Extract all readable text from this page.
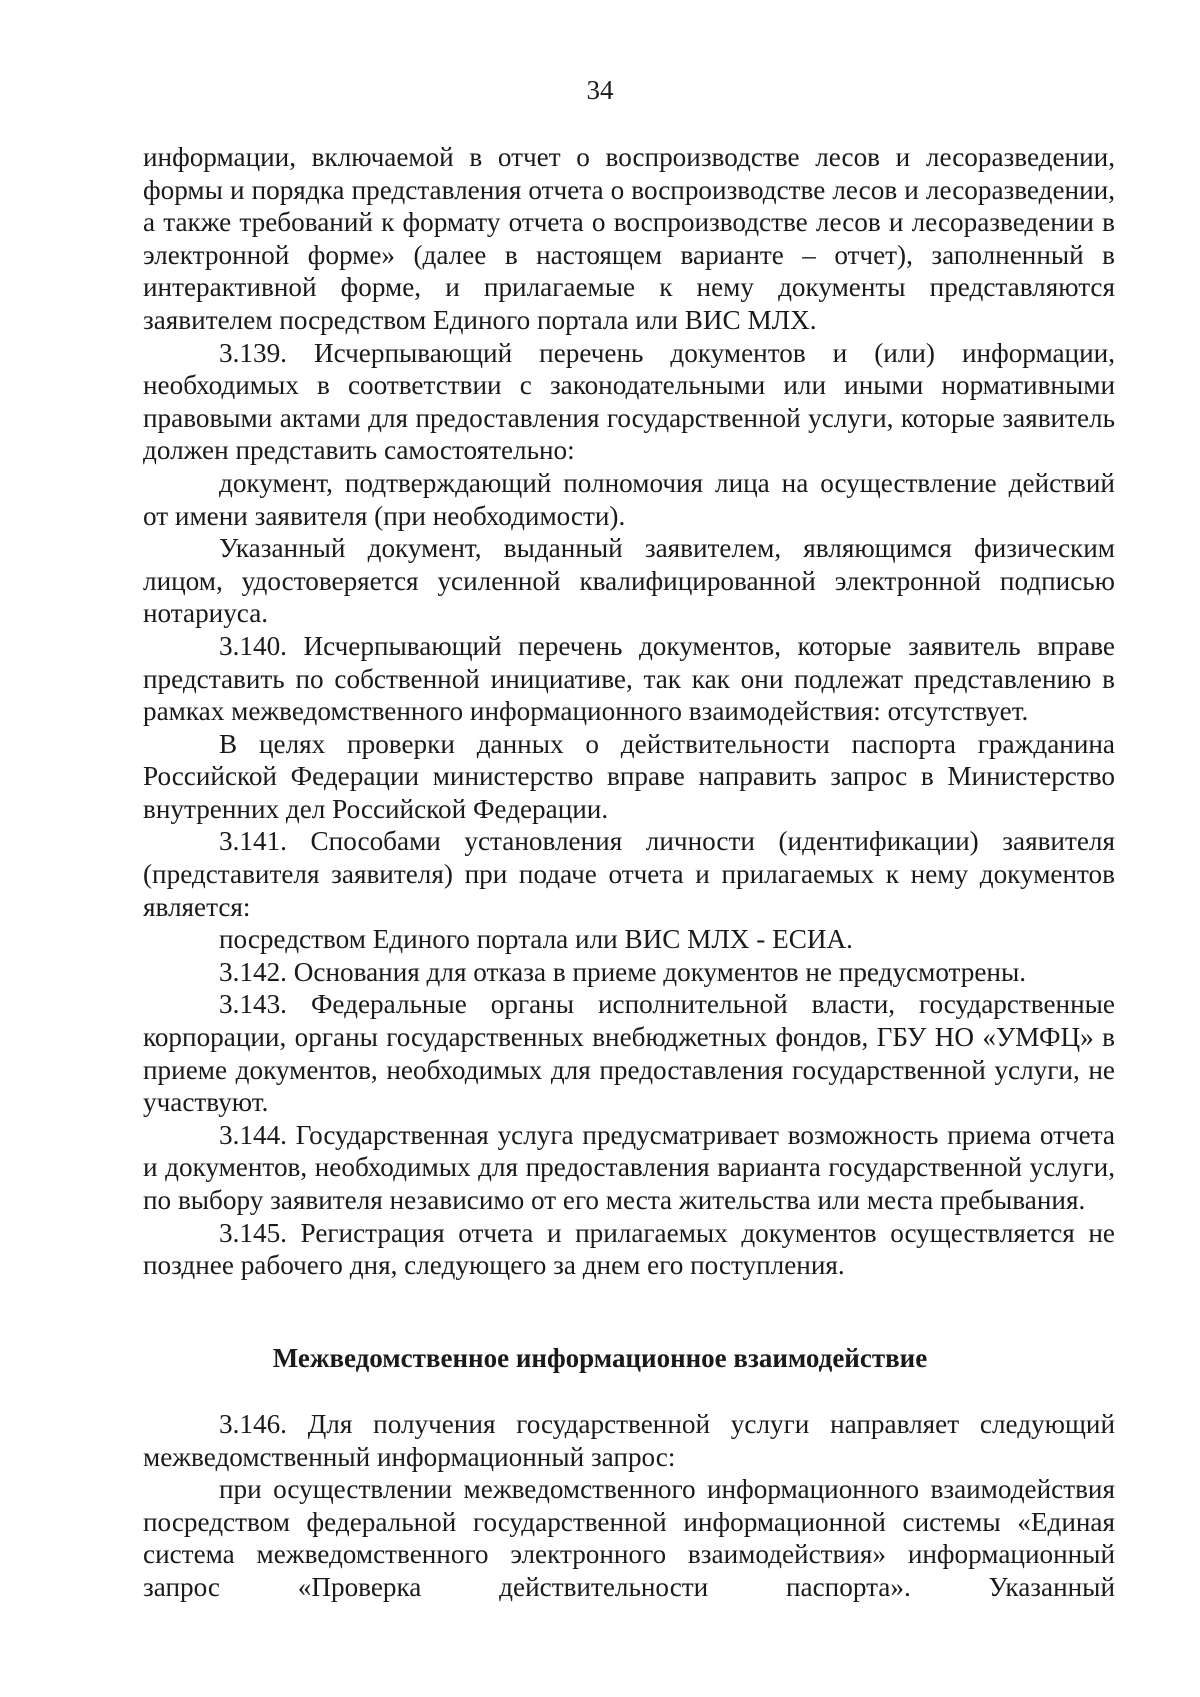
34

информации, включаемой в отчет о воспроизводстве лесов и лесоразведении, формы и порядка представления отчета о воспроизводстве лесов и лесоразведении, а также требований к формату отчета о воспроизводстве лесов и лесоразведении в электронной форме» (далее в настоящем варианте – отчет), заполненный в интерактивной форме, и прилагаемые к нему документы представляются заявителем посредством Единого портала или ВИС МЛХ.

3.139. Исчерпывающий перечень документов и (или) информации, необходимых в соответствии с законодательными или иными нормативными правовыми актами для предоставления государственной услуги, которые заявитель должен представить самостоятельно:

документ, подтверждающий полномочия лица на осуществление действий от имени заявителя (при необходимости).

Указанный документ, выданный заявителем, являющимся физическим лицом, удостоверяется усиленной квалифицированной электронной подписью нотариуса.

3.140. Исчерпывающий перечень документов, которые заявитель вправе представить по собственной инициативе, так как они подлежат представлению в рамках межведомственного информационного взаимодействия: отсутствует.

В целях проверки данных о действительности паспорта гражданина Российской Федерации министерство вправе направить запрос в Министерство внутренних дел Российской Федерации.

3.141. Способами установления личности (идентификации) заявителя (представителя заявителя) при подаче отчета и прилагаемых к нему документов является:

посредством Единого портала или ВИС МЛХ - ЕСИА.

3.142. Основания для отказа в приеме документов не предусмотрены.

3.143. Федеральные органы исполнительной власти, государственные корпорации, органы государственных внебюджетных фондов, ГБУ НО «УМФЦ» в приеме документов, необходимых для предоставления государственной услуги, не участвуют.

3.144. Государственная услуга предусматривает возможность приема отчета и документов, необходимых для предоставления варианта государственной услуги, по выбору заявителя независимо от его места жительства или места пребывания.

3.145. Регистрация отчета и прилагаемых документов осуществляется не позднее рабочего дня, следующего за днем его поступления.

Межведомственное информационное взаимодействие

3.146. Для получения государственной услуги направляет следующий межведомственный информационный запрос:

при осуществлении межведомственного информационного взаимодействия посредством федеральной государственной информационной системы «Единая система межведомственного электронного взаимодействия» информационный запрос «Проверка действительности паспорта». Указанный
